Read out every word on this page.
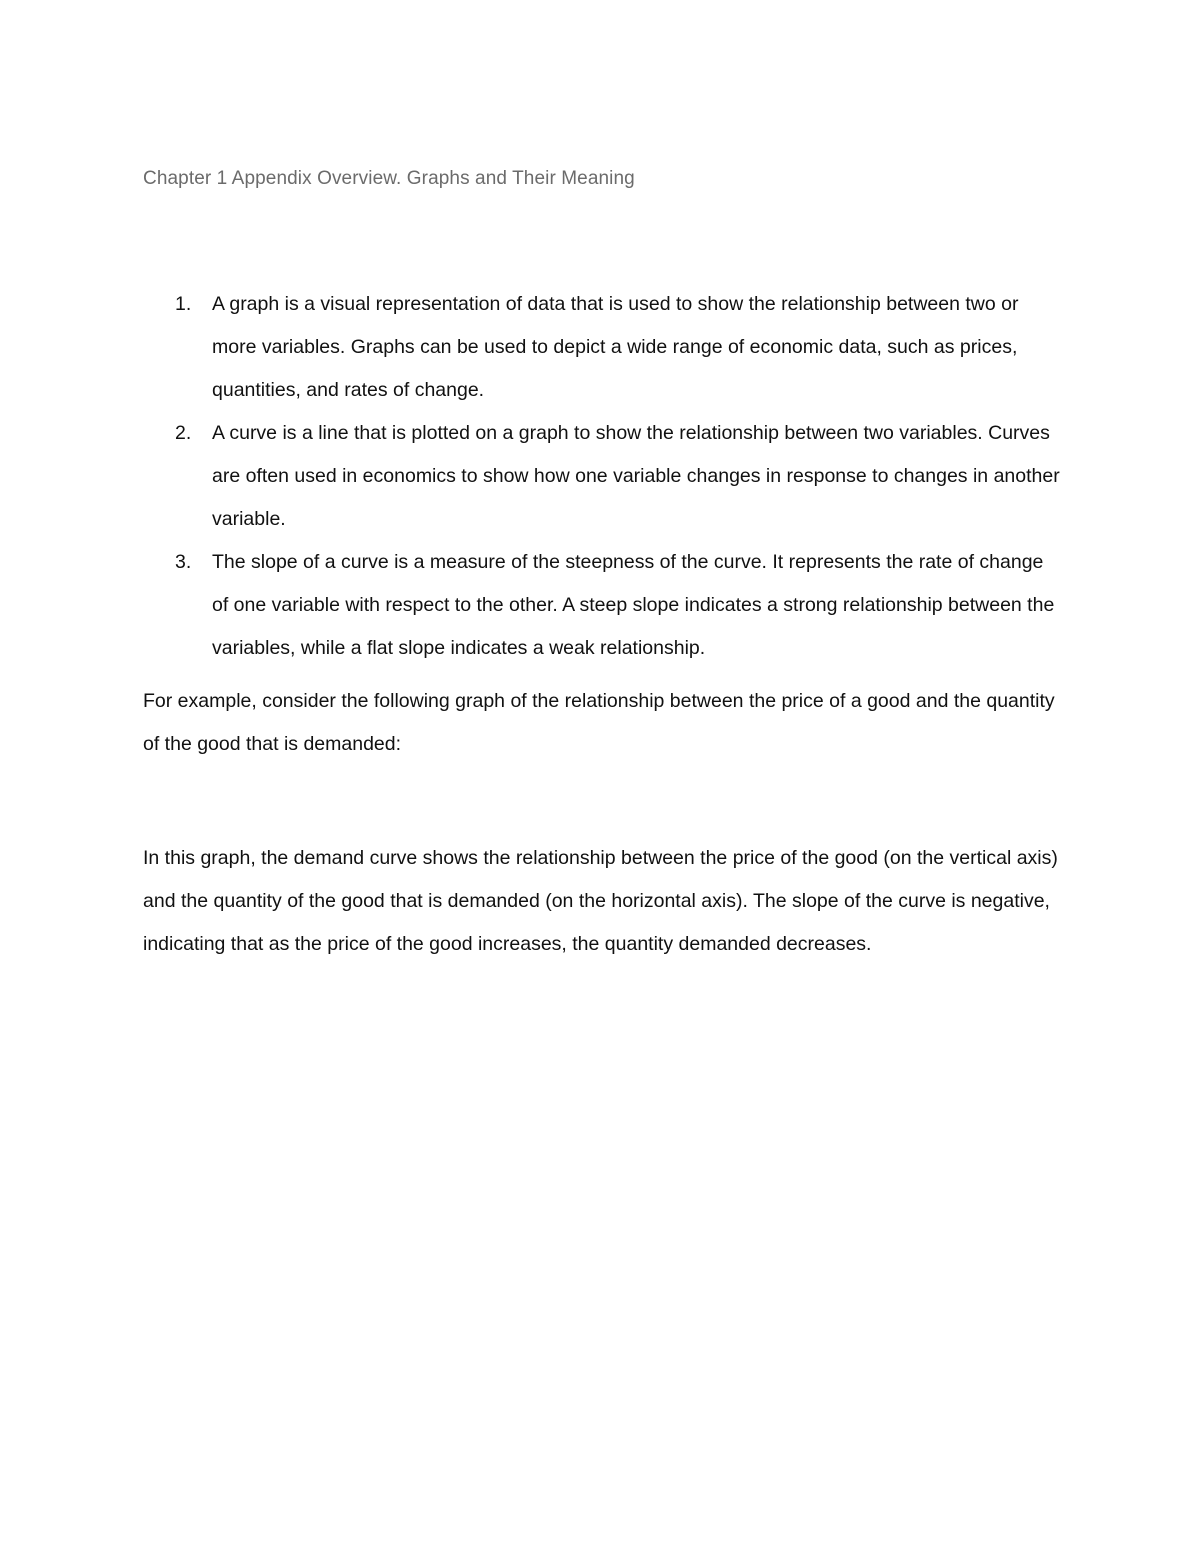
Chapter 1 Appendix Overview. Graphs and Their Meaning
1. A graph is a visual representation of data that is used to show the relationship between two or more variables. Graphs can be used to depict a wide range of economic data, such as prices, quantities, and rates of change.
2. A curve is a line that is plotted on a graph to show the relationship between two variables. Curves are often used in economics to show how one variable changes in response to changes in another variable.
3. The slope of a curve is a measure of the steepness of the curve. It represents the rate of change of one variable with respect to the other. A steep slope indicates a strong relationship between the variables, while a flat slope indicates a weak relationship.

For example, consider the following graph of the relationship between the price of a good and the quantity of the good that is demanded:

In this graph, the demand curve shows the relationship between the price of the good (on the vertical axis) and the quantity of the good that is demanded (on the horizontal axis). The slope of the curve is negative, indicating that as the price of the good increases, the quantity demanded decreases.
